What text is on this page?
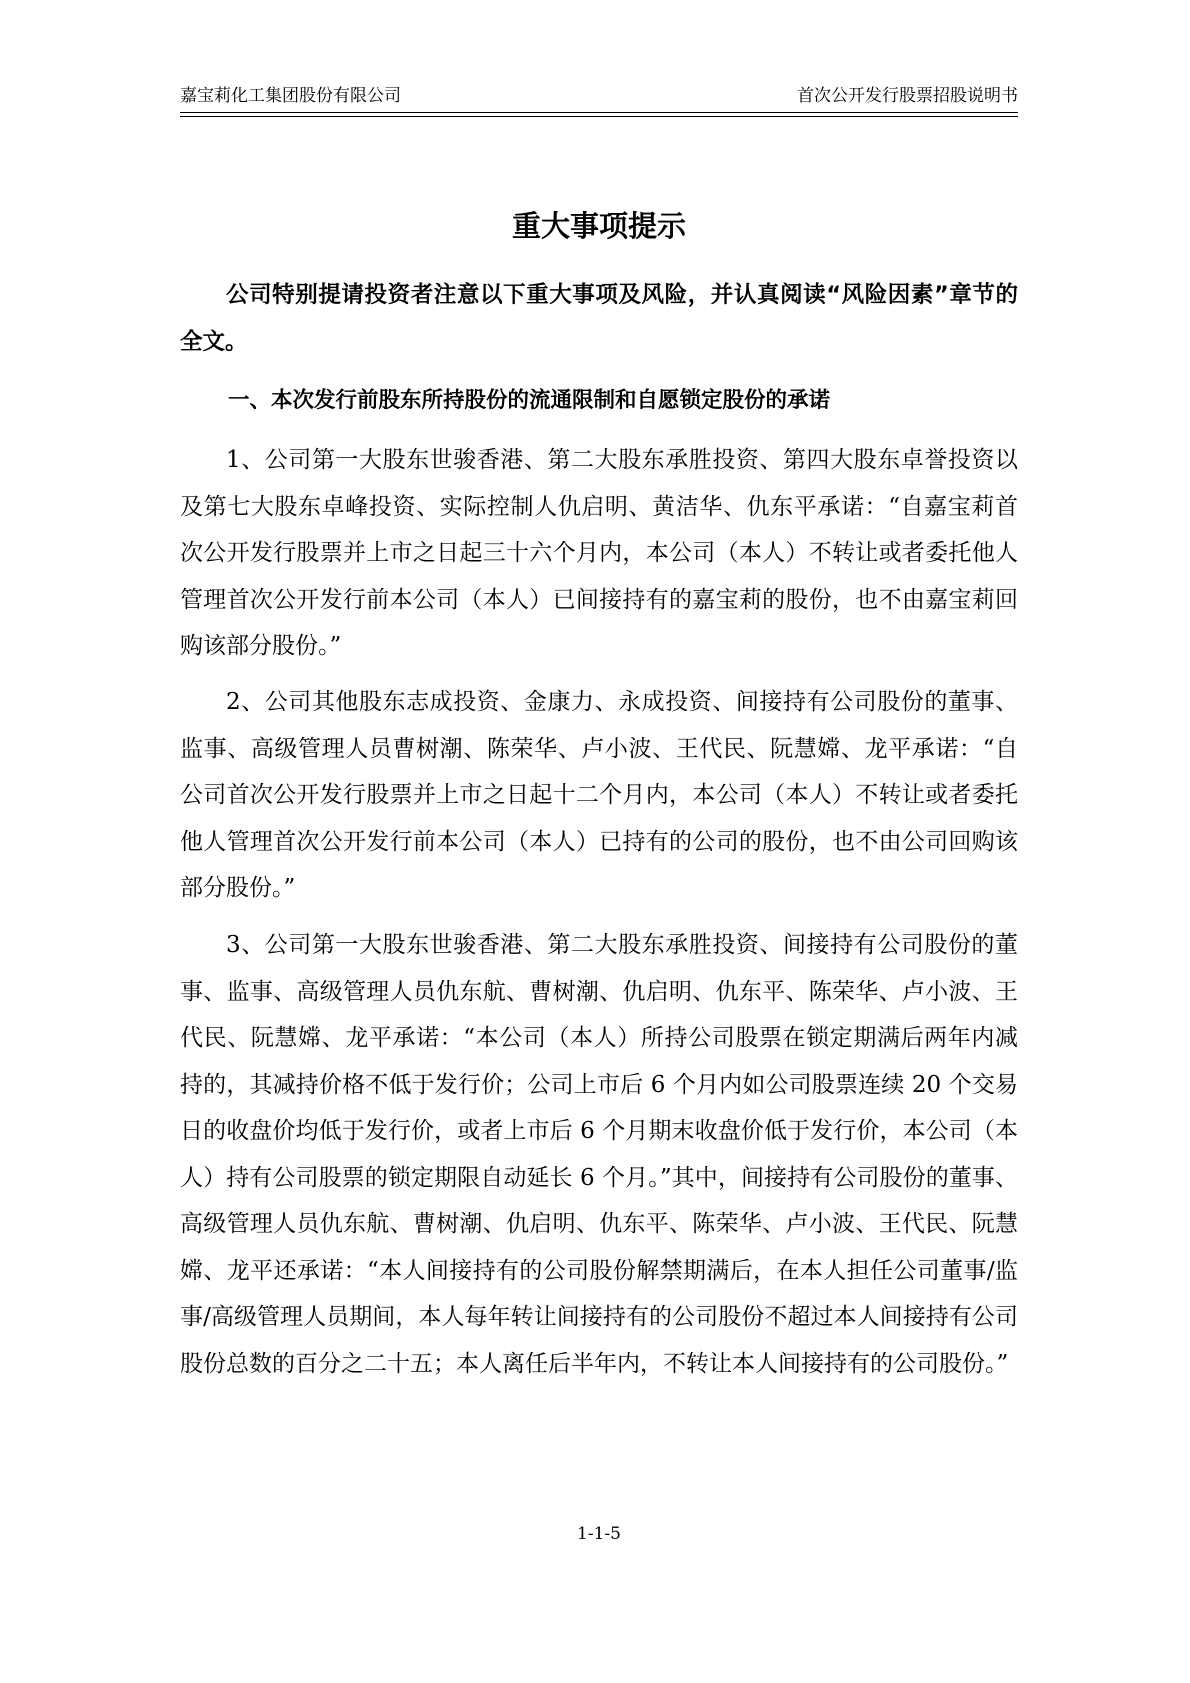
嘉宝莉化工集团股份有限公司	首次公开发行股票招股说明书
重大事项提示
公司特别提请投资者注意以下重大事项及风险，并认真阅读“风险因素”章节的全文。
一、本次发行前股东所持股份的流通限制和自愿锁定股份的承诺
1、公司第一大股东世骏香港、第二大股东承胜投资、第四大股东卓誉投资以及第七大股东卓峰投资、实际控制人仇启明、黄洁华、仇东平承诺：“自嘉宝莉首次公开发行股票并上市之日起三十六个月内，本公司（本人）不转让或者委托他人管理首次公开发行前本公司（本人）已间接持有的嘉宝莉的股份，也不由嘉宝莉回购该部分股份。”
2、公司其他股东志成投资、金康力、永成投资、间接持有公司股份的董事、监事、高级管理人员曹树潮、陈荣华、卢小波、王代民、阮慧嫦、龙平承诺：“自公司首次公开发行股票并上市之日起十二个月内，本公司（本人）不转让或者委托他人管理首次公开发行前本公司（本人）已持有的公司的股份，也不由公司回购该部分股份。”
3、公司第一大股东世骏香港、第二大股东承胜投资、间接持有公司股份的董事、监事、高级管理人员仇东航、曹树潮、仇启明、仇东平、陈荣华、卢小波、王代民、阮慧嫦、龙平承诺：“本公司（本人）所持公司股票在锁定期满后两年内减持的，其减持价格不低于发行价；公司上市后 6 个月内如公司股票连续 20 个交易日的收盘价均低于发行价，或者上市后 6 个月期末收盘价低于发行价，本公司（本人）持有公司股票的锁定期限自动延长 6 个月。”其中，间接持有公司股份的董事、高级管理人员仇东航、曹树潮、仇启明、仇东平、陈荣华、卢小波、王代民、阮慧嫦、龙平还承诺：“本人间接持有的公司股份解禁期满后，在本人担任公司董事/监事/高级管理人员期间，本人每年转让间接持有的公司股份不超过本人间接持有公司股份总数的百分之二十五；本人离任后半年内，不转让本人间接持有的公司股份。”
1-1-5
